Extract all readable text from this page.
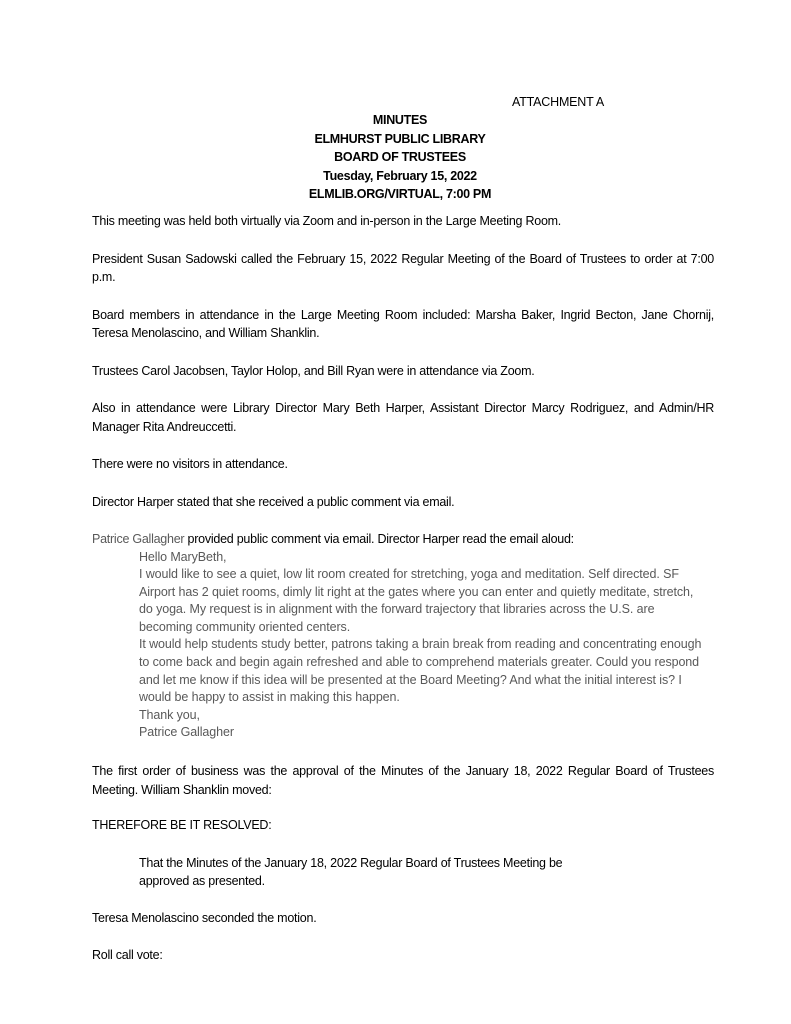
ATTACHMENT A
MINUTES
ELMHURST PUBLIC LIBRARY
BOARD OF TRUSTEES
Tuesday, February 15, 2022
ELMLIB.ORG/VIRTUAL, 7:00 PM

This meeting was held both virtually via Zoom and in-person in the Large Meeting Room.

President Susan Sadowski called the February 15, 2022 Regular Meeting of the Board of Trustees to order at 7:00 p.m.

Board members in attendance in the Large Meeting Room included: Marsha Baker, Ingrid Becton, Jane Chornij, Teresa Menolascino, and William Shanklin.

Trustees Carol Jacobsen, Taylor Holop, and Bill Ryan were in attendance via Zoom.

Also in attendance were Library Director Mary Beth Harper, Assistant Director Marcy Rodriguez, and Admin/HR Manager Rita Andreuccetti.

There were no visitors in attendance.

Director Harper stated that she received a public comment via email.

Patrice Gallagher provided public comment via email. Director Harper read the email aloud:

Hello MaryBeth,
I would like to see a quiet, low lit room created for stretching, yoga and meditation. Self directed. SF Airport has 2 quiet rooms, dimly lit right at the gates where you can enter and quietly meditate, stretch, do yoga. My request is in alignment with the forward trajectory that libraries across the U.S. are becoming community oriented centers.
It would help students study better, patrons taking a brain break from reading and concentrating enough to come back and begin again refreshed and able to comprehend materials greater. Could you respond and let me know if this idea will be presented at the Board Meeting? And what the initial interest is? I would be happy to assist in making this happen.
Thank you,
Patrice Gallagher

The first order of business was the approval of the Minutes of the January 18, 2022 Regular Board of Trustees Meeting. William Shanklin moved:

THEREFORE BE IT RESOLVED:

That the Minutes of the January 18, 2022 Regular Board of Trustees Meeting be approved as presented.

Teresa Menolascino seconded the motion.

Roll call vote:
